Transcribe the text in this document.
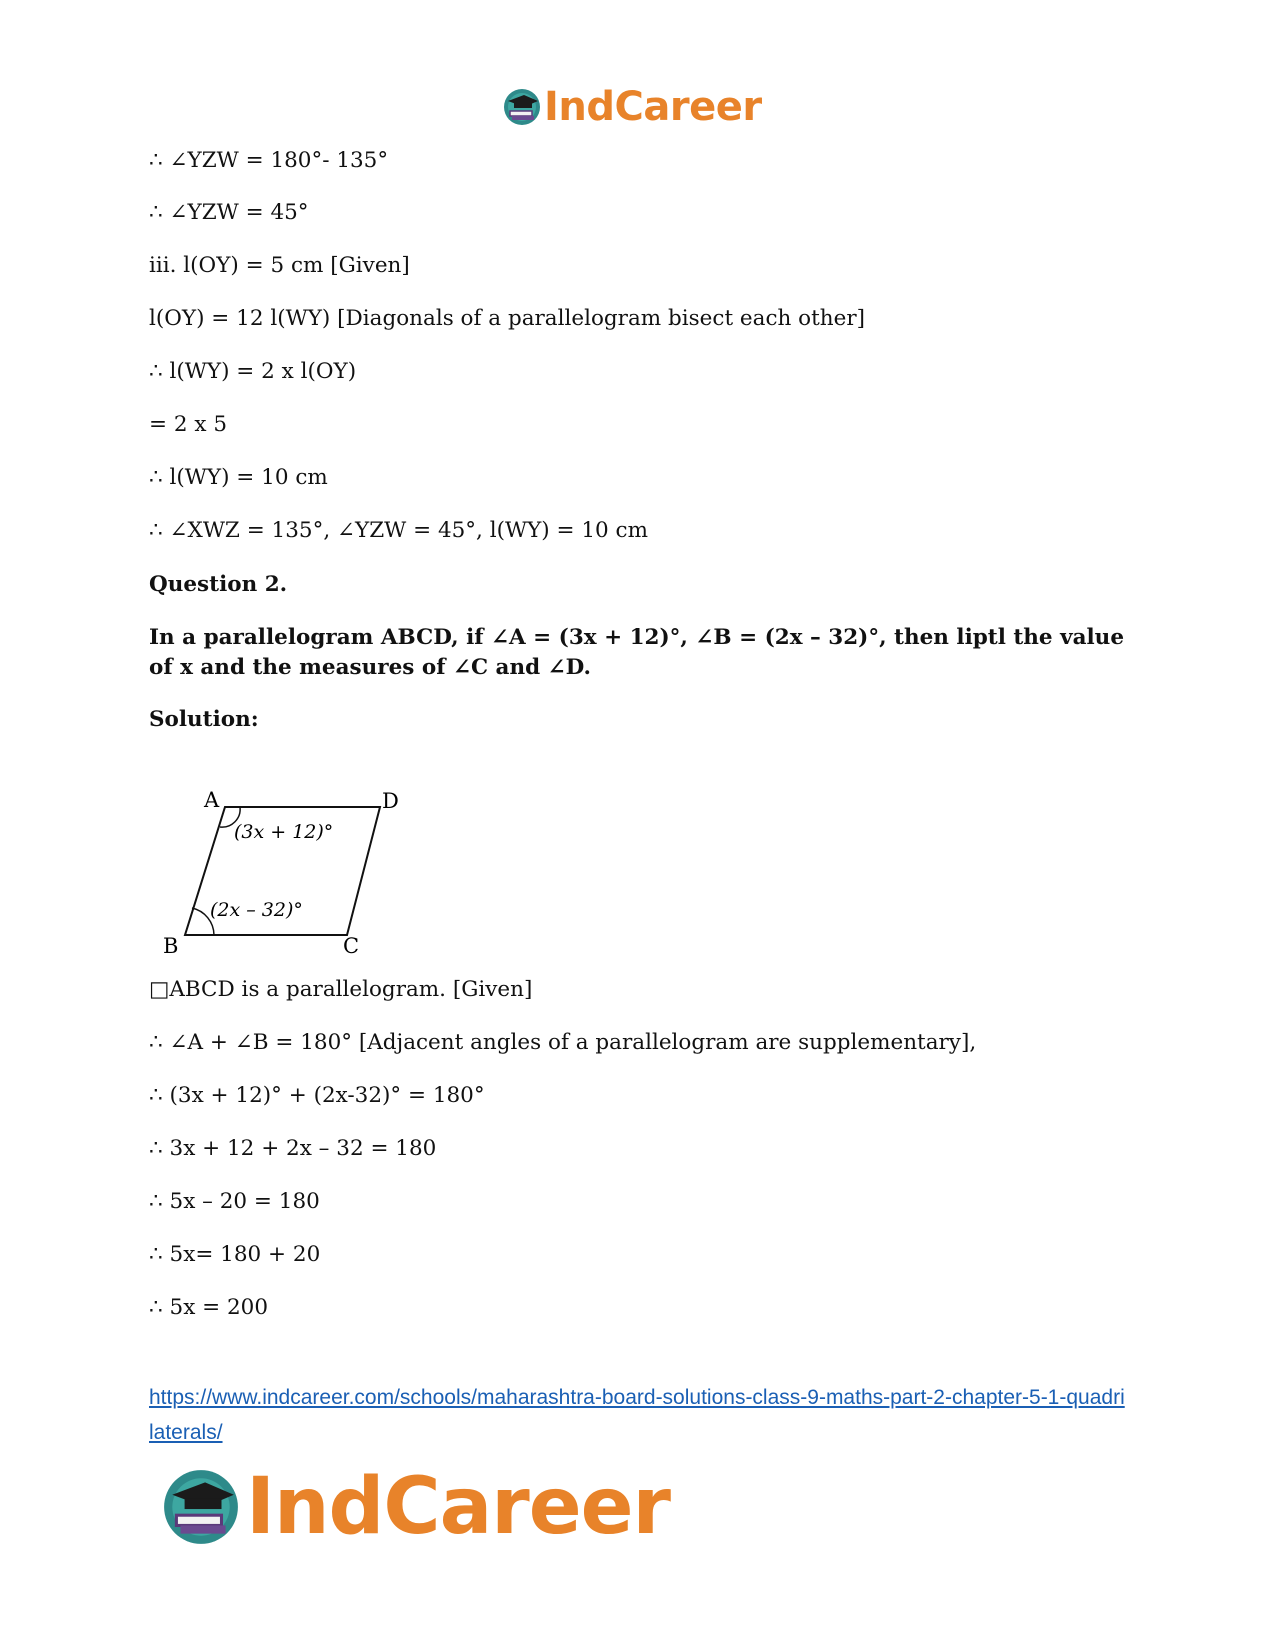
IndCareer
∴ ∠YZW = 180°- 135°
∴ ∠YZW = 45°
iii. l(OY) = 5 cm [Given]
l(OY) = 12 l(WY) [Diagonals of a parallelogram bisect each other]
∴ l(WY) = 2 x l(OY)
= 2 x 5
∴ l(WY) = 10 cm
∴ ∠XWZ = 135°, ∠YZW = 45°, l(WY) = 10 cm
Question 2.
In a parallelogram ABCD, if ∠A = (3x + 12)°, ∠B = (2x – 32)°, then liptl the value of x and the measures of ∠C and ∠D.
Solution:
□ABCD is a parallelogram. [Given]
∴ ∠A + ∠B = 180° [Adjacent angles of a parallelogram are supplementary],
∴ (3x + 12)° + (2x-32)° = 180°
∴ 3x + 12 + 2x – 32 = 180
∴ 5x – 20 = 180
∴ 5x= 180 + 20
∴ 5x = 200
A	D
B	C
(3x + 12)°
(2x – 32)°
https://www.indcareer.com/schools/maharashtra-board-solutions-class-9-maths-part-2-chapter-5-1-quadrilaterals/
IndCareer
